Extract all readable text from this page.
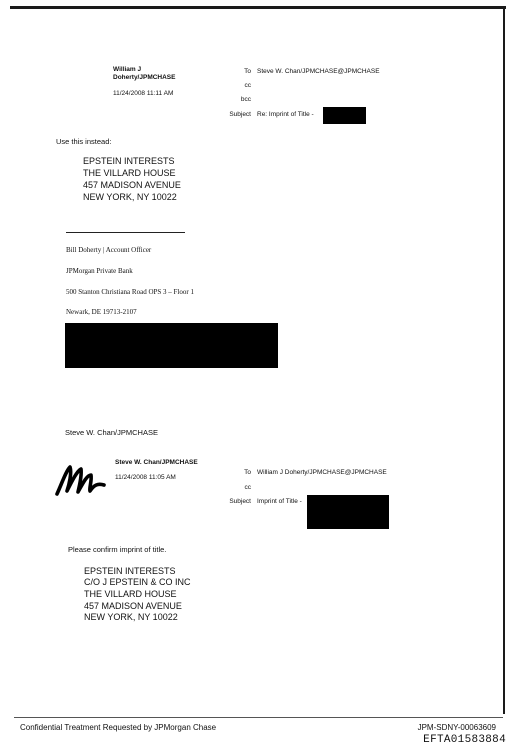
William J
Doherty/JPMCHASE
11/24/2008 11:11 AM
To Steve W. Chan/JPMCHASE@JPMCHASE
cc
bcc
Subject Re: Imprint of Title -
Use this instead:
EPSTEIN INTERESTS
THE VILLARD HOUSE
457 MADISON AVENUE
NEW YORK, NY 10022
Bill Doherty | Account Officer
JPMorgan Private Bank
500 Stanton Christiana Road OPS 3 – Floor 1
Newark, DE 19713-2107
Steve W. Chan/JPMCHASE
Steve W. Chan/JPMCHASE
11/24/2008 11:05 AM
To William J Doherty/JPMCHASE@JPMCHASE
cc
Subject Imprint of Title -
Please confirm imprint of title.
EPSTEIN INTERESTS
C/O J EPSTEIN & CO INC
THE VILLARD HOUSE
457 MADISON AVENUE
NEW YORK, NY 10022
Confidential Treatment Requested by JPMorgan Chase	JPM-SDNY-00063609
EFTA01583884
